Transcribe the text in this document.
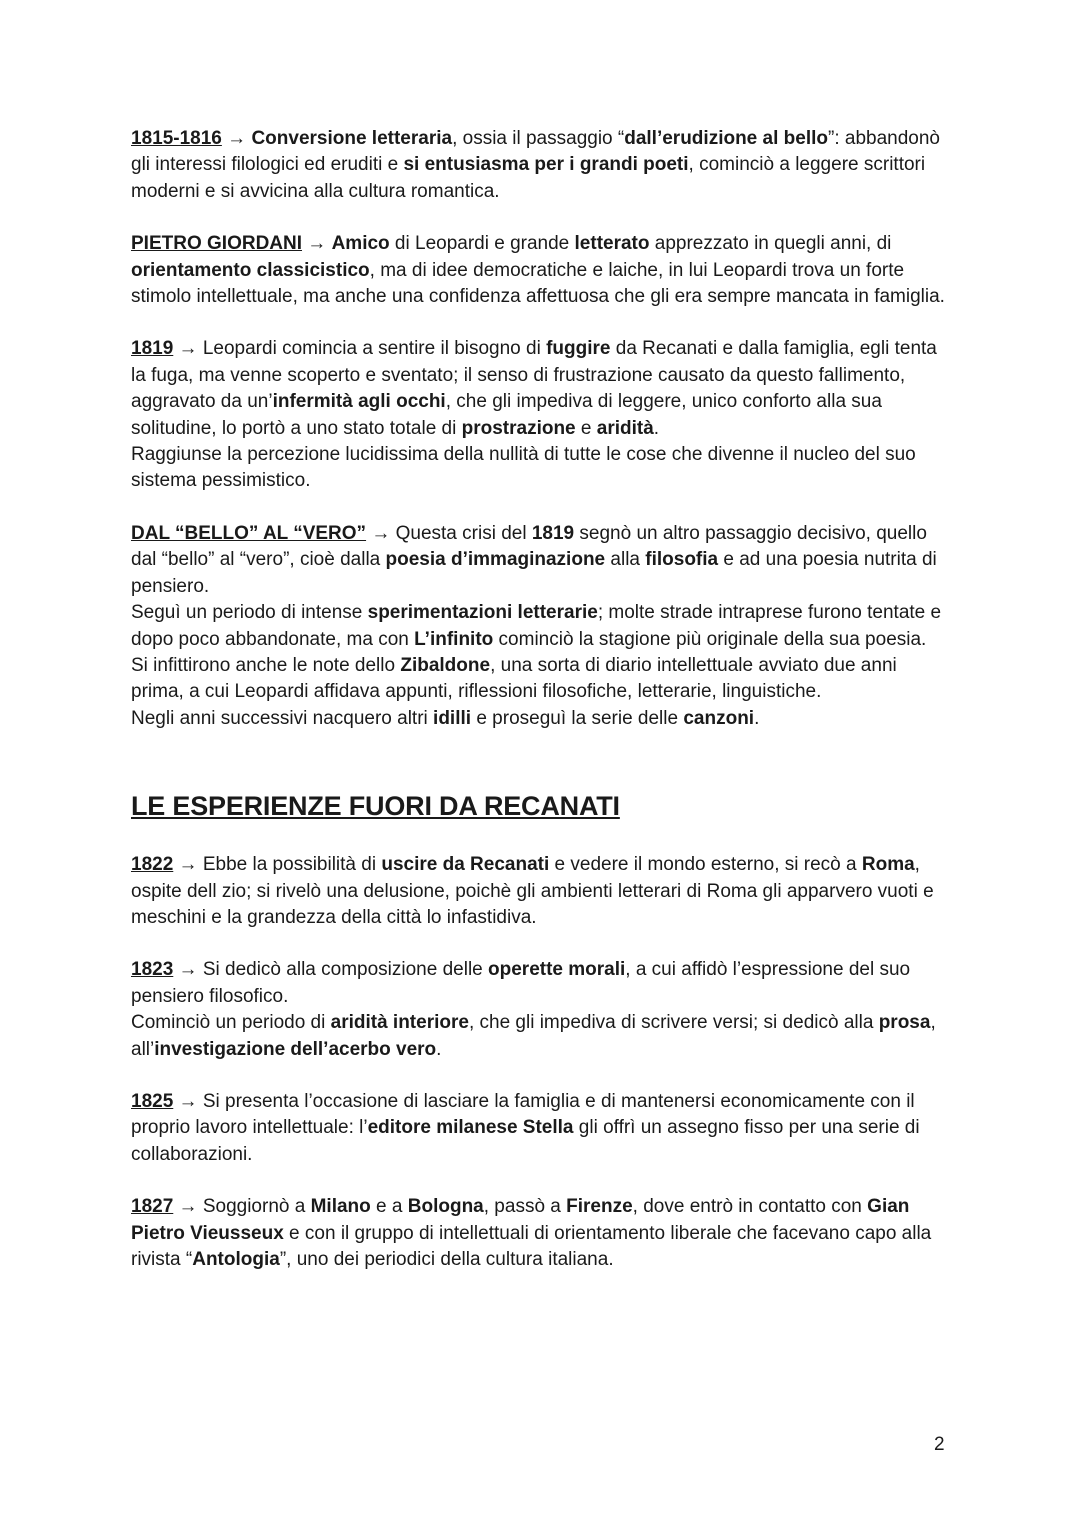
1815-1816 → Conversione letteraria, ossia il passaggio “dall’erudizione al bello”: abbandonò gli interessi filologici ed eruditi e si entusiasma per i grandi poeti, cominciò a leggere scrittori moderni e si avvicina alla cultura romantica.
PIETRO GIORDANI → Amico di Leopardi e grande letterato apprezzato in quegli anni, di orientamento classicistico, ma di idee democratiche e laiche, in lui Leopardi trova un forte stimolo intellettuale, ma anche una confidenza affettuosa che gli era sempre mancata in famiglia.
1819 → Leopardi comincia a sentire il bisogno di fuggire da Recanati e dalla famiglia, egli tenta la fuga, ma venne scoperto e sventato; il senso di frustrazione causato da questo fallimento, aggravato da un’infermità agli occhi, che gli impediva di leggere, unico conforto alla sua solitudine, lo portò a uno stato totale di prostrazione e aridità.
Raggiunse la percezione lucidissima della nullità di tutte le cose che divenne il nucleo del suo sistema pessimistico.
DAL “BELLO” AL “VERO” → Questa crisi del 1819 segnò un altro passaggio decisivo, quello dal “bello” al “vero”, cioè dalla poesia d’immaginazione alla filosofia e ad una poesia nutrita di pensiero.
Seguì un periodo di intense sperimentazioni letterarie; molte strade intraprese furono tentate e dopo poco abbandonate, ma con L’infinito cominciò la stagione più originale della sua poesia.
Si infittirono anche le note dello Zibaldone, una sorta di diario intellettuale avviato due anni prima, a cui Leopardi affidava appunti, riflessioni filosofiche, letterarie, linguistiche.
Negli anni successivi nacquero altri idilli e proseguì la serie delle canzoni.
LE ESPERIENZE FUORI DA RECANATI
1822 → Ebbe la possibilità di uscire da Recanati e vedere il mondo esterno, si recò a Roma, ospite dell zio; si rivelò una delusione, poichè gli ambienti letterari di Roma gli apparvero vuoti e meschini e la grandezza della città lo infastidiva.
1823 → Si dedicò alla composizione delle operette morali, a cui affidò l’espressione del suo pensiero filosofico.
Cominciò un periodo di aridità interiore, che gli impediva di scrivere versi; si dedicò alla prosa, all’investigazione dell’acerbo vero.
1825 → Si presenta l’occasione di lasciare la famiglia e di mantenersi economicamente con il proprio lavoro intellettuale: l’editore milanese Stella gli offrì un assegno fisso per una serie di collaborazioni.
1827 → Soggiornò a Milano e a Bologna, passò a Firenze, dove entrò in contatto con Gian Pietro Vieusseux e con il gruppo di intellettuali di orientamento liberale che facevano capo alla rivista “Antologia”, uno dei periodici della cultura italiana.
2
